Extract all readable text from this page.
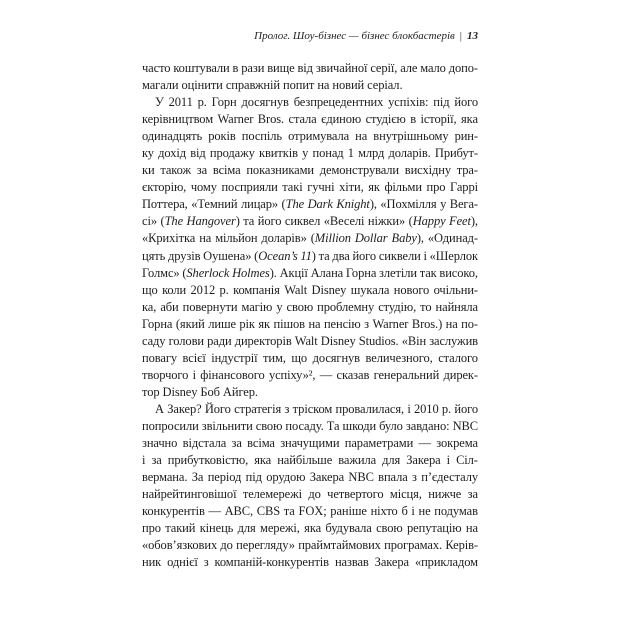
Пролог. Шоу-бізнес — бізнес блокбастерів | 13
часто коштували в рази вище від звичайної серії, але мало допо-
магали оцінити справжній попит на новий серіал.
У 2011 р. Горн досягнув безпрецедентних успіхів: під його
керівництвом Warner Bros. стала єдиною студією в історії, яка
одинадцять років поспіль отримувала на внутрішньому рин-
ку дохід від продажу квитків у понад 1 млрд доларів. Прибут-
ки також за всіма показниками демонстрували висхідну тра-
єкторію, чому посприяли такі гучні хіти, як фільми про Гаррі
Поттера, «Темний лицар» (The Dark Knight), «Похмілля у Вега-
сі» (The Hangover) та його сиквел «Веселі ніжки» (Happy Feet),
«Крихітка на мільйон доларів» (Million Dollar Baby), «Одинад-
цять друзів Оушена» (Ocean’s 11) та два його сиквели і «Шерлок
Голмс» (Sherlock Holmes). Акції Алана Горна злетіли так високо,
що коли 2012 р. компанія Walt Disney шукала нового очільни-
ка, аби повернути магію у свою проблемну студію, то найняла
Горна (який лише рік як пішов на пенсію з Warner Bros.) на по-
саду голови ради директорів Walt Disney Studios. «Він заслужив
повагу всієї індустрії тим, що досягнув величезного, сталого
творчого і фінансового успіху»², — сказав генеральний дирек-
тор Disney Боб Айгер.
А Закер? Його стратегія з тріском провалилася, і 2010 р. його
попросили звільнити свою посаду. Та шкоди було завдано: NBC
значно відстала за всіма значущими параметрами — зокрема
і за прибутковістю, яка найбільше важила для Закера і Сіл-
вермана. За період під орудою Закера NBC впала з п’єдесталу
найрейтинговішої телемережі до четвертого місця, нижче за
конкурентів — ABC, CBS та FOX; раніше ніхто б і не подумав
про такий кінець для мережі, яка будувала свою репутацію на
«обов’язкових до перегляду» праймтаймових програмах. Керів-
ник однієї з компаній-конкурентів назвав Закера «прикладом
